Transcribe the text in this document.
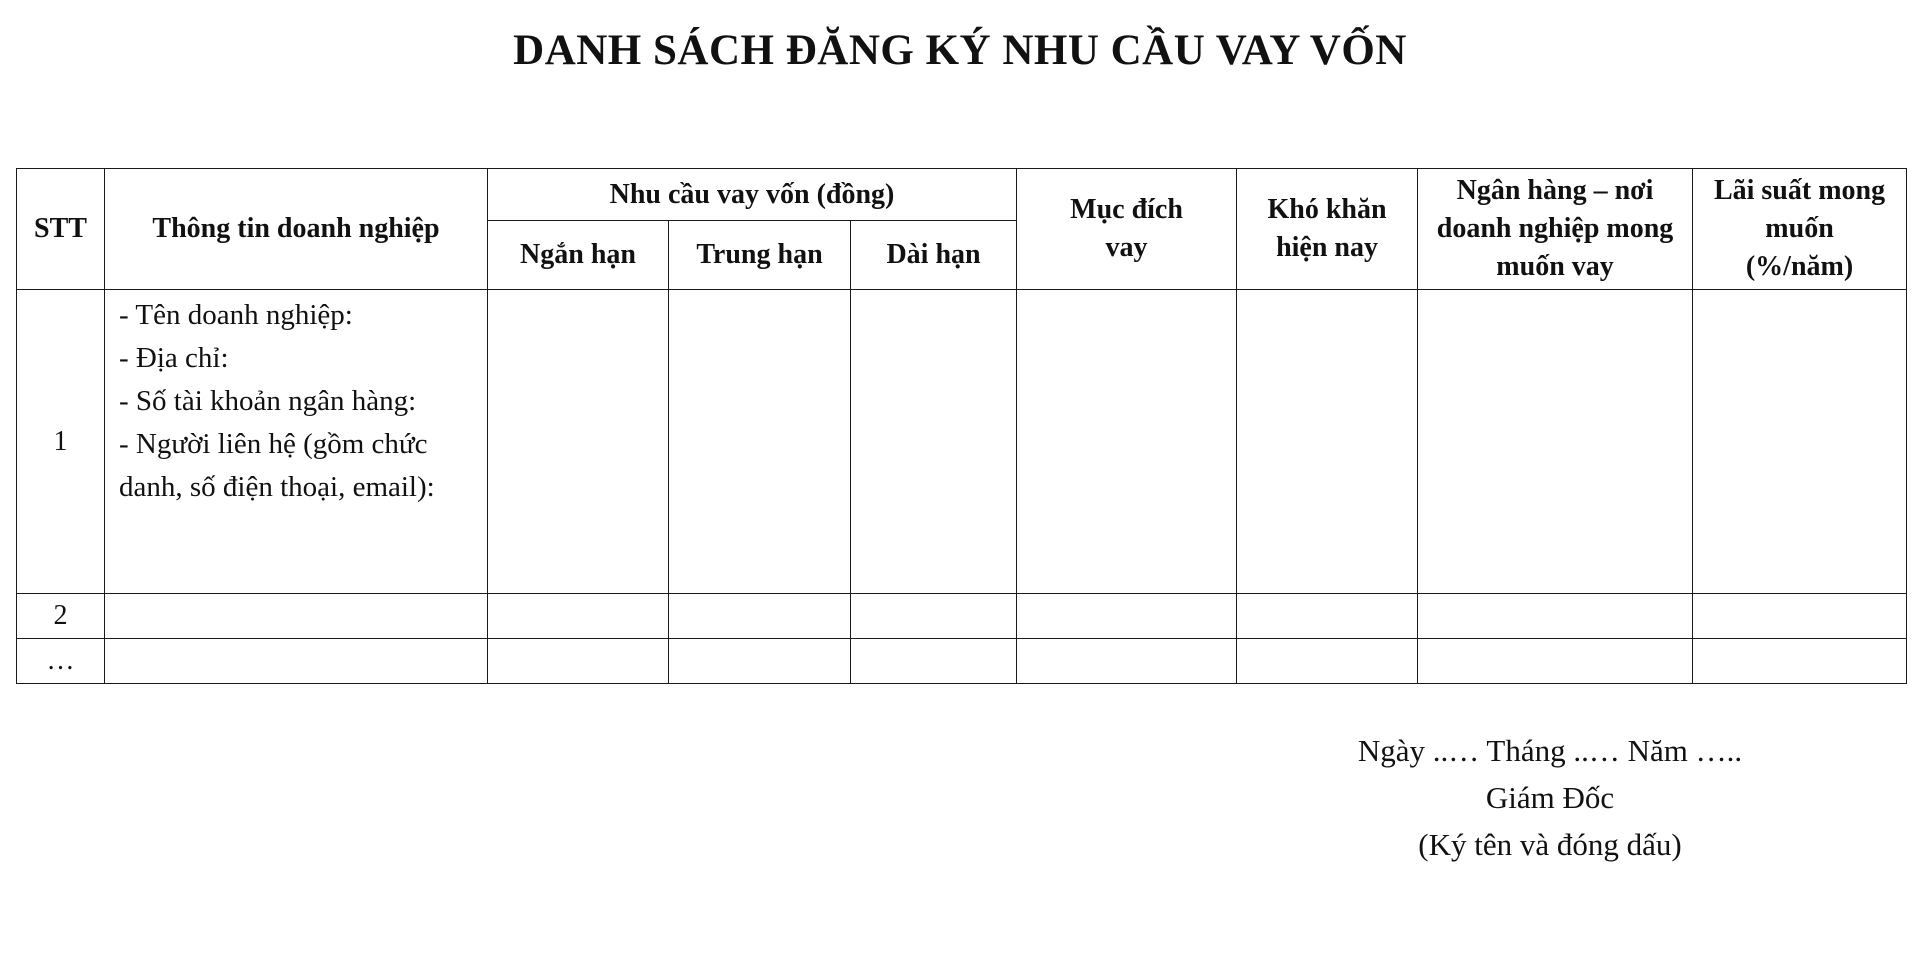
DANH SÁCH ĐĂNG KÝ NHU CẦU VAY VỐN
STT	Thông tin doanh nghiệp	Nhu cầu vay vốn (đồng)			Mục đích vay	Khó khăn hiện nay	Ngân hàng – nơi doanh nghiệp mong muốn vay	Lãi suất mong muốn (%/năm)
		Ngắn hạn	Trung hạn	Dài hạn				
1	- Tên doanh nghiệp:
- Địa chỉ:
- Số tài khoản ngân hàng:
- Người liên hệ (gồm chức danh, số điện thoại, email):							

2								
…								
Ngày ..… Tháng ..… Năm …..
Giám Đốc
(Ký tên và đóng dấu)
